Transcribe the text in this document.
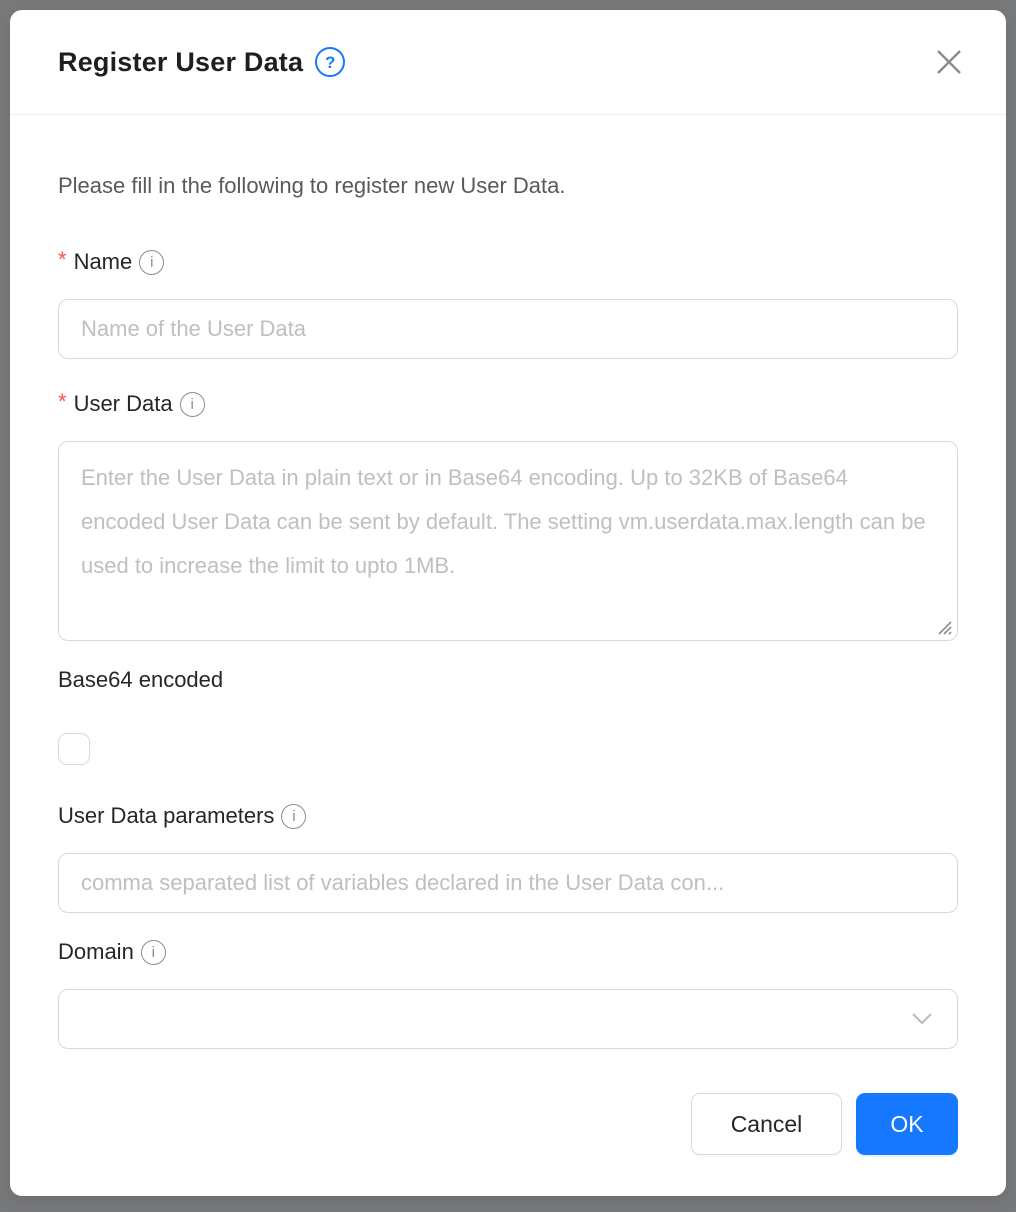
Register User Data	?

Please fill in the following to register new User Data.

* Name	i
Name of the User Data
* User Data	i
Enter the User Data in plain text or in Base64 encoding. Up to 32KB of Base64 encoded User Data can be sent by default. The setting vm.userdata.max.length can be used to increase the limit to upto 1MB.
Base64 encoded
User Data parameters	i
comma separated list of variables declared in the User Data con...
Domain	i
Cancel	OK
